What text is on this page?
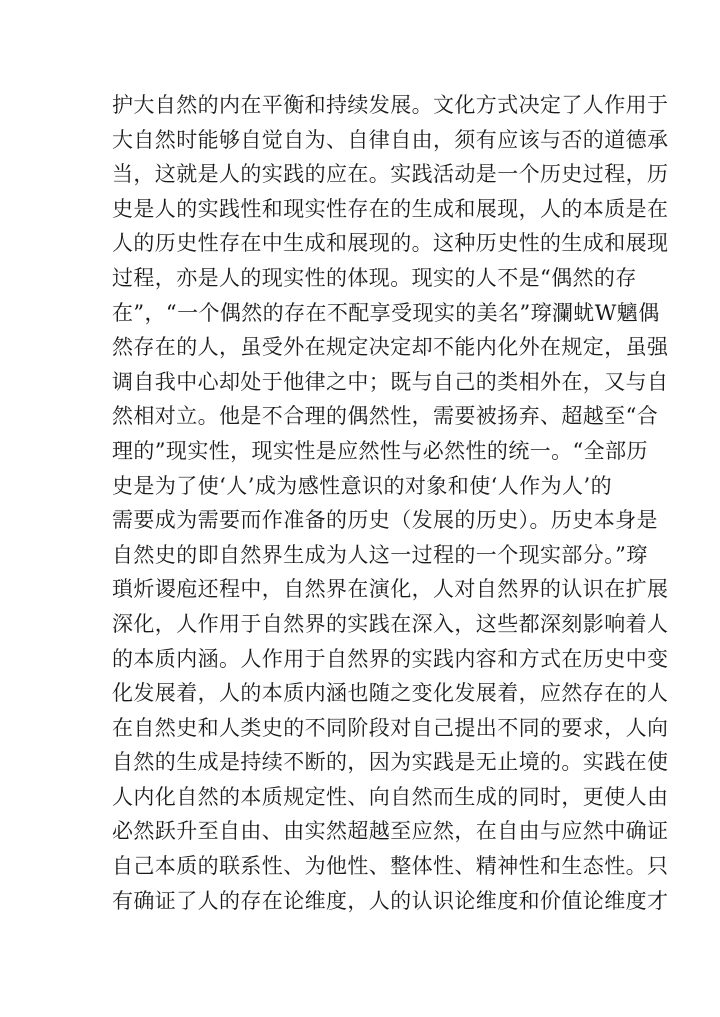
护大自然的内在平衡和持续发展。文化方式决定了人作用于
大自然时能够自觉自为、自律自由，须有应该与否的道德承
当，这就是人的实践的应在。实践活动是一个历史过程，历
史是人的实践性和现实性存在的生成和展现，人的本质是在
人的历史性存在中生成和展现的。这种历史性的生成和展现
过程，亦是人的现实性的体现。现实的人不是“偶然的存
在”，“一个偶然的存在不配享受现实的美名”瑏瀾蚘W魑偶
然存在的人，虽受外在规定决定却不能内化外在规定，虽强
调自我中心却处于他律之中；既与自己的类相外在，又与自
然相对立。他是不合理的偶然性，需要被扬弃、超越至“合
理的”现实性，现实性是应然性与必然性的统一。“全部历
史是为了使‘人’成为感性意识的对象和使‘人作为人’的
需要成为需要而作准备的历史（发展的历史）。历史本身是
自然史的即自然界生成为人这一过程的一个现实部分。”瑏
瑣炘谡庖还程中，自然界在演化，人对自然界的认识在扩展
深化，人作用于自然界的实践在深入，这些都深刻影响着人
的本质内涵。人作用于自然界的实践内容和方式在历史中变
化发展着，人的本质内涵也随之变化发展着，应然存在的人
在自然史和人类史的不同阶段对自己提出不同的要求，人向
自然的生成是持续不断的，因为实践是无止境的。实践在使
人内化自然的本质规定性、向自然而生成的同时，更使人由
必然跃升至自由、由实然超越至应然，在自由与应然中确证
自己本质的联系性、为他性、整体性、精神性和生态性。只
有确证了人的存在论维度，人的认识论维度和价值论维度才
